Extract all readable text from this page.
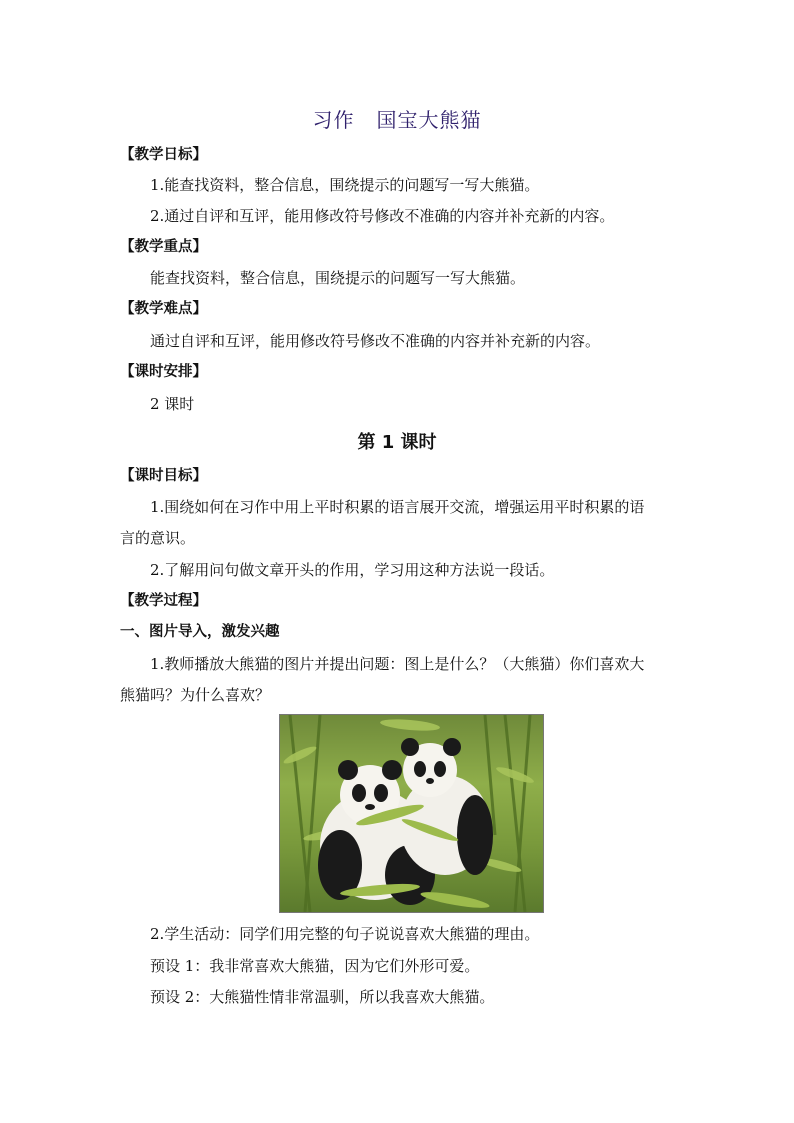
习作 国宝大熊猫
【教学日标】
1.能查找资料，整合信息，围绕提示的问题写一写大熊猫。
2.通过自评和互评，能用修改符号修改不准确的内容并补充新的内容。
【教学重点】
能查找资料，整合信息，围绕提示的问题写一写大熊猫。
【教学难点】
通过自评和互评，能用修改符号修改不准确的内容并补充新的内容。
【课时安排】
2 课时
第 1 课时
【课时目标】
1.围绕如何在习作中用上平时积累的语言展开交流，增强运用平时积累的语
言的意识。
2.了解用问句做文章开头的作用，学习用这种方法说一段话。
【教学过程】
一、图片导入，激发兴趣
1.教师播放大熊猫的图片并提出问题：图上是什么？（大熊猫）你们喜欢大
熊猫吗？为什么喜欢？
2.学生活动：同学们用完整的句子说说喜欢大熊猫的理由。
预设 1：我非常喜欢大熊猫，因为它们外形可爱。
预设 2：大熊猫性情非常温驯，所以我喜欢大熊猫。
